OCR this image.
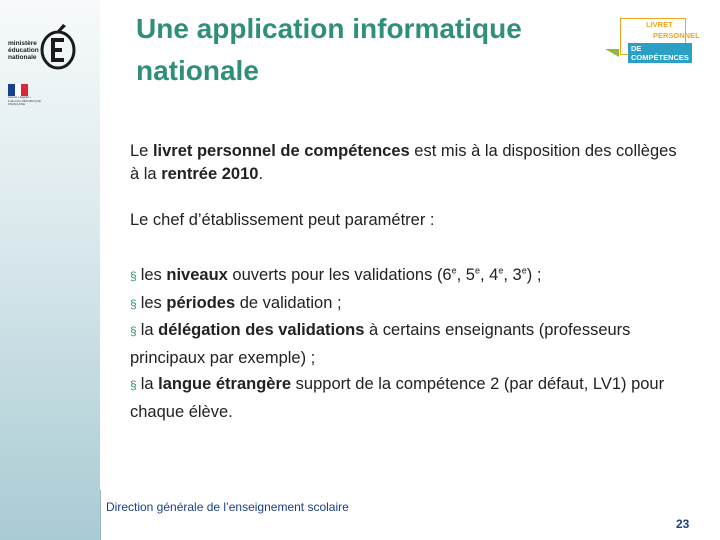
ministère
éducation
nationale
Liberté • Égalité • Fraternité RÉPUBLIQUE FRANÇAISE
Une application informatique nationale
LIVRET
PERSONNEL
DE COMPÉTENCES
Le livret personnel de compétences est mis à la disposition des collèges à la rentrée 2010.
Le chef d’établissement peut paramétrer :
§ les niveaux ouverts pour les validations (6e, 5e, 4e, 3e) ;
§ les périodes de validation ;
§ la délégation des validations à certains enseignants (professeurs principaux par exemple) ;
§ la langue étrangère support de la compétence 2 (par défaut, LV1) pour chaque élève.
Direction générale de l’enseignement scolaire
23
